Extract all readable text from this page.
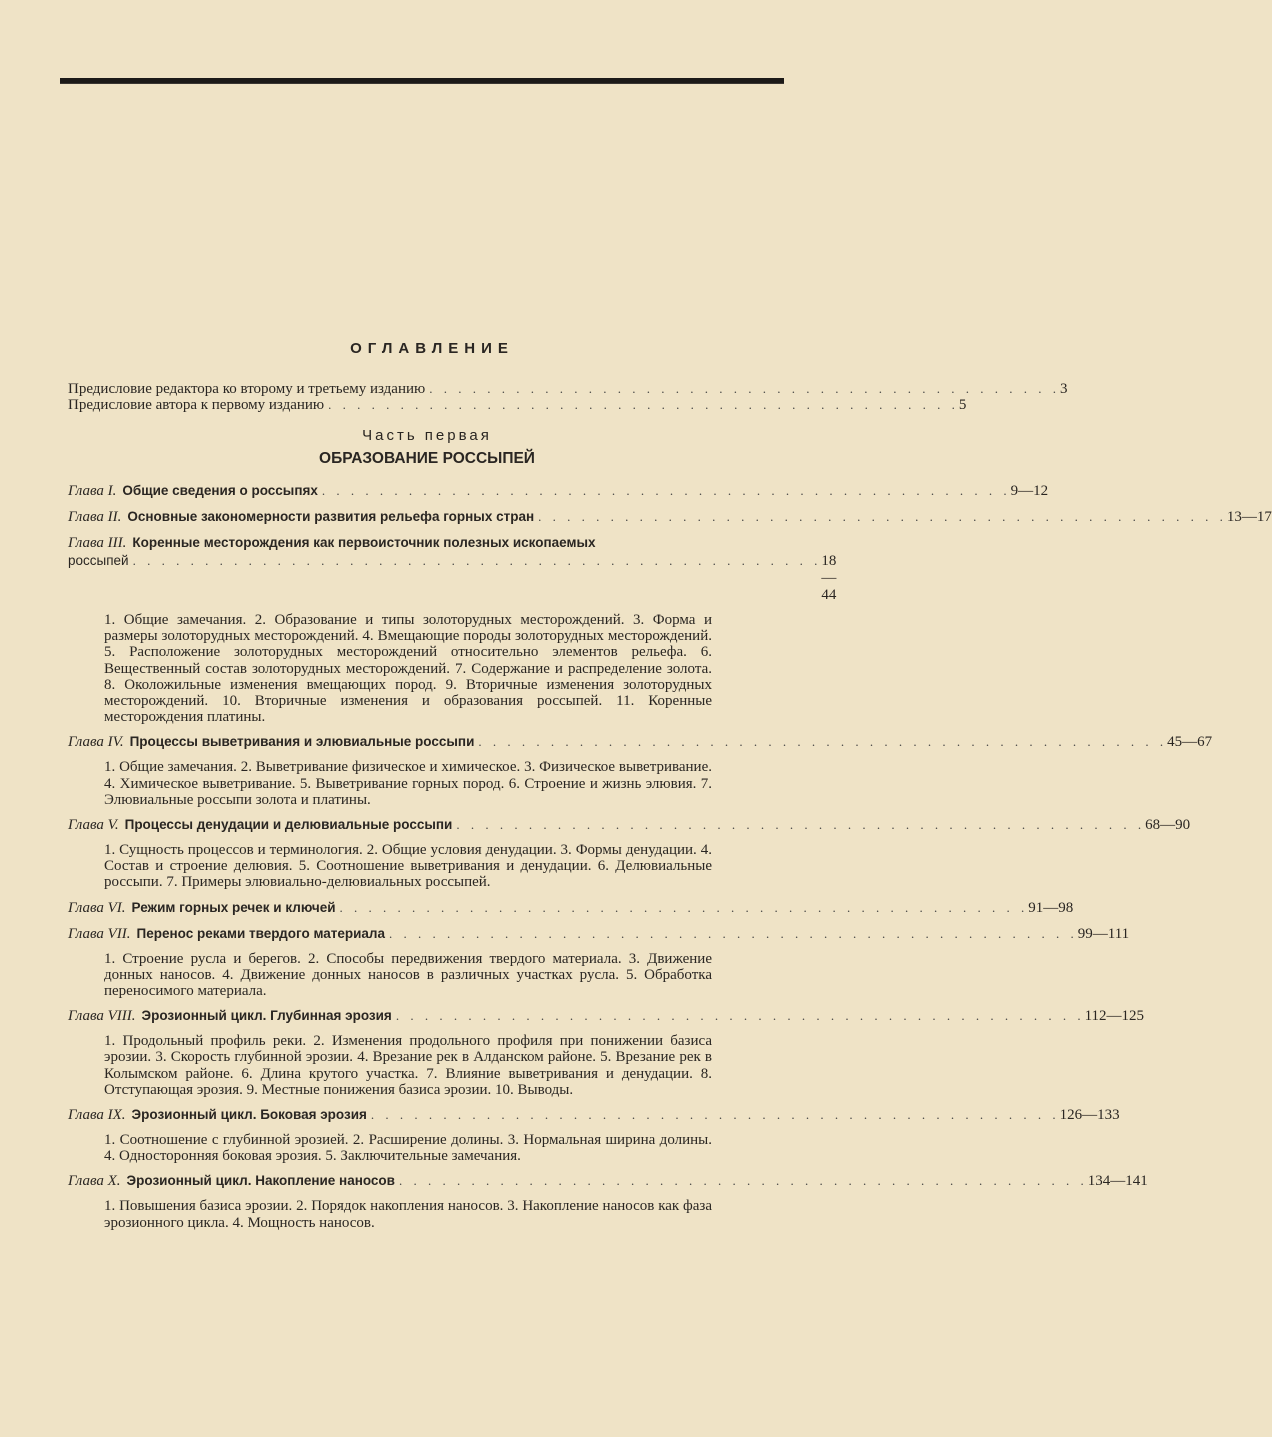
ОГЛАВЛЕНИЕ
Предисловие редактора ко второму и третьему изданию . . . . . . . . . . . . . . . . . . . . . . . . . . . . . . . . . . . . . . . . . . . . 3
Предисловие автора к первому изданию . . . . . . . . . . . . . . . . . . . . . . . . . . . . . . . . . . . . . . . . . . . . 5
Часть первая
ОБРАЗОВАНИЕ РОССЫПЕЙ
Глава I. Общие сведения о россыпях . . . . . . . . . . . . . . . . . . . . . . . . . . . . . . . . . . . . . . . . . . . . . . . . 9—12
Глава II. Основные закономерности развития рельефа горных стран . . . . . . . . . . . . . . . . . . . . . . . . . . . . . . . . . . . . . . . . . . . . . . . . 13—17
Глава III. Коренные месторождения как первоисточник полезных ископаемых
россыпей . . . . . . . . . . . . . . . . . . . . . . . . . . . . . . . . . . . . . . . . . . . . . . . . 18—44
1. Общие замечания. 2. Образование и типы золоторудных месторождений. 3. Форма и размеры золоторудных месторождений. 4. Вмещающие породы золоторудных месторождений. 5. Расположение золоторудных месторождений относительно элементов рельефа. 6. Вещественный состав золоторудных месторождений. 7. Содержание и распределение золота. 8. Околожильные изменения вмещающих пород. 9. Вторичные изменения золоторудных месторождений. 10. Вторичные изменения и образования россыпей. 11. Коренные месторождения платины.
Глава IV. Процессы выветривания и элювиальные россыпи . . . . . . . . . . . . . . . . . . . . . . . . . . . . . . . . . . . . . . . . . . . . . . . . 45—67
1. Общие замечания. 2. Выветривание физическое и химическое. 3. Физическое выветривание. 4. Химическое выветривание. 5. Выветривание горных пород. 6. Строение и жизнь элювия. 7. Элювиальные россыпи золота и платины.
Глава V. Процессы денудации и делювиальные россыпи . . . . . . . . . . . . . . . . . . . . . . . . . . . . . . . . . . . . . . . . . . . . . . . . 68—90
1. Сущность процессов и терминология. 2. Общие условия денудации. 3. Формы денудации. 4. Состав и строение делювия. 5. Соотношение выветривания и денудации. 6. Делювиальные россыпи. 7. Примеры элювиально-делювиальных россыпей.
Глава VI. Режим горных речек и ключей . . . . . . . . . . . . . . . . . . . . . . . . . . . . . . . . . . . . . . . . . . . . . . . . 91—98
Глава VII. Перенос реками твердого материала . . . . . . . . . . . . . . . . . . . . . . . . . . . . . . . . . . . . . . . . . . . . . . . . 99—111
1. Строение русла и берегов. 2. Способы передвижения твердого материала. 3. Движение донных наносов. 4. Движение донных наносов в различных участках русла. 5. Обработка переносимого материала.
Глава VIII. Эрозионный цикл. Глубинная эрозия . . . . . . . . . . . . . . . . . . . . . . . . . . . . . . . . . . . . . . . . . . . . . . . . 112—125
1. Продольный профиль реки. 2. Изменения продольного профиля при понижении базиса эрозии. 3. Скорость глубинной эрозии. 4. Врезание рек в Алданском районе. 5. Врезание рек в Колымском районе. 6. Длина крутого участка. 7. Влияние выветривания и денудации. 8. Отступающая эрозия. 9. Местные понижения базиса эрозии. 10. Выводы.
Глава IX. Эрозионный цикл. Боковая эрозия . . . . . . . . . . . . . . . . . . . . . . . . . . . . . . . . . . . . . . . . . . . . . . . . 126—133
1. Соотношение с глубинной эрозией. 2. Расширение долины. 3. Нормальная ширина долины. 4. Односторонняя боковая эрозия. 5. Заключительные замечания.
Глава X. Эрозионный цикл. Накопление наносов . . . . . . . . . . . . . . . . . . . . . . . . . . . . . . . . . . . . . . . . . . . . . . . . 134—141
1. Повышения базиса эрозии. 2. Порядок накопления наносов. 3. Накопление наносов как фаза эрозионного цикла. 4. Мощность наносов.
